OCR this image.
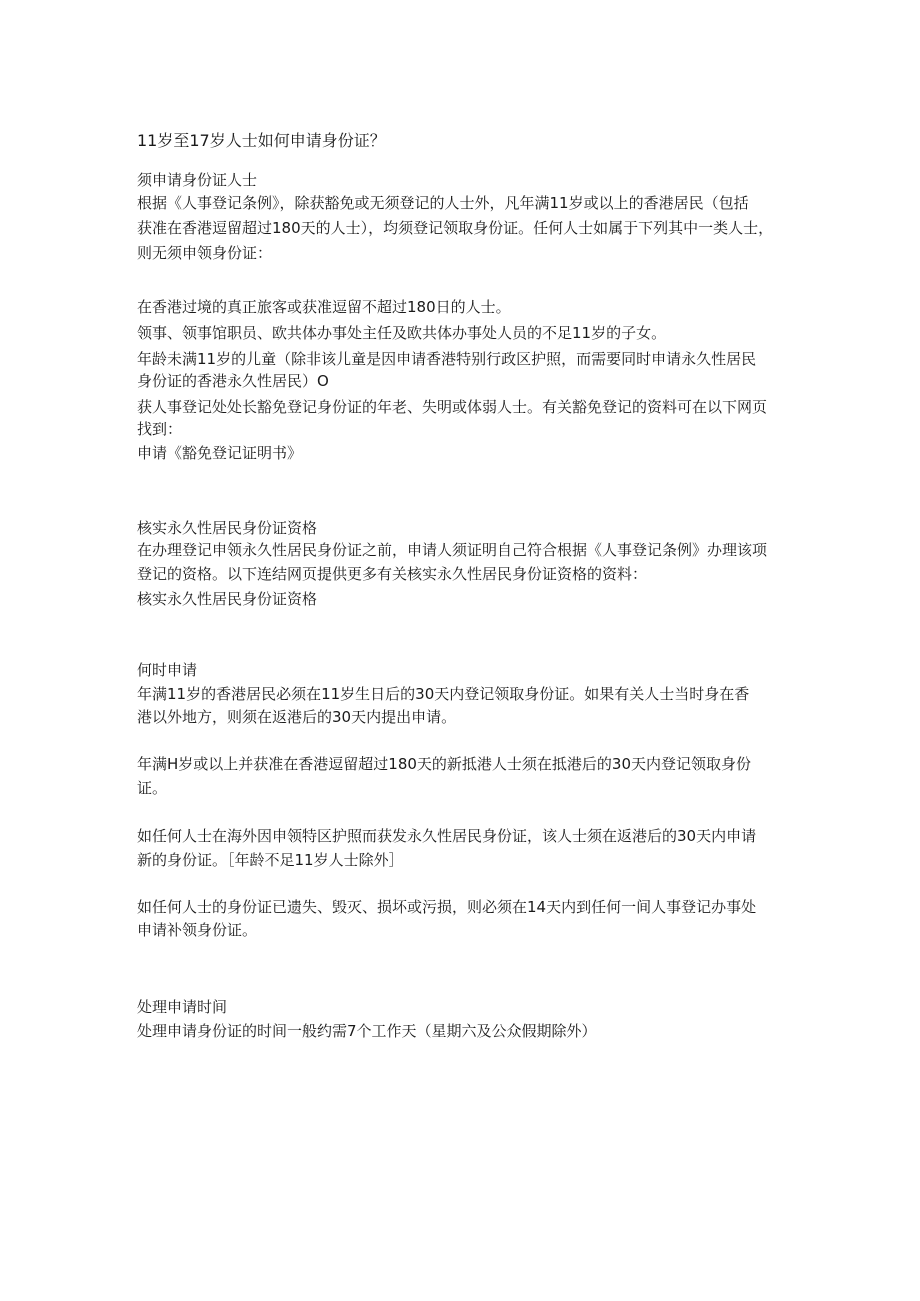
11岁至17岁人士如何申请身份证？
须申请身份证人士
根据《人事登记条例》，除获豁免或无须登记的人士外，凡年满11岁或以上的香港居民（包括
获准在香港逗留超过180天的人士），均须登记领取身份证。任何人士如属于下列其中一类人士，
则无须申领身份证：
在香港过境的真正旅客或获准逗留不超过180日的人士。
领事、领事馆职员、欧共体办事处主任及欧共体办事处人员的不足11岁的子女。
年龄未满11岁的儿童（除非该儿童是因申请香港特别行政区护照，而需要同时申请永久性居民
身份证的香港永久性居民）O
获人事登记处处长豁免登记身份证的年老、失明或体弱人士。有关豁免登记的资料可在以下网页
找到：
申请《豁免登记证明书》
核实永久性居民身份证资格
在办理登记申领永久性居民身份证之前，申请人须证明自己符合根据《人事登记条例》办理该项
登记的资格。以下连结网页提供更多有关核实永久性居民身份证资格的资料：
核实永久性居民身份证资格
何时申请
年满11岁的香港居民必须在11岁生日后的30天内登记领取身份证。如果有关人士当时身在香
港以外地方，则须在返港后的30天内提出申请。
年满H岁或以上并获准在香港逗留超过180天的新抵港人士须在抵港后的30天内登记领取身份
证。
如任何人士在海外因申领特区护照而获发永久性居民身份证，该人士须在返港后的30天内申请
新的身份证。［年龄不足11岁人士除外］
如任何人士的身份证已遗失、毁灭、损坏或污损，则必须在14天内到任何一间人事登记办事处
申请补领身份证。
处理申请时间
处理申请身份证的时间一般约需7个工作天（星期六及公众假期除外）
